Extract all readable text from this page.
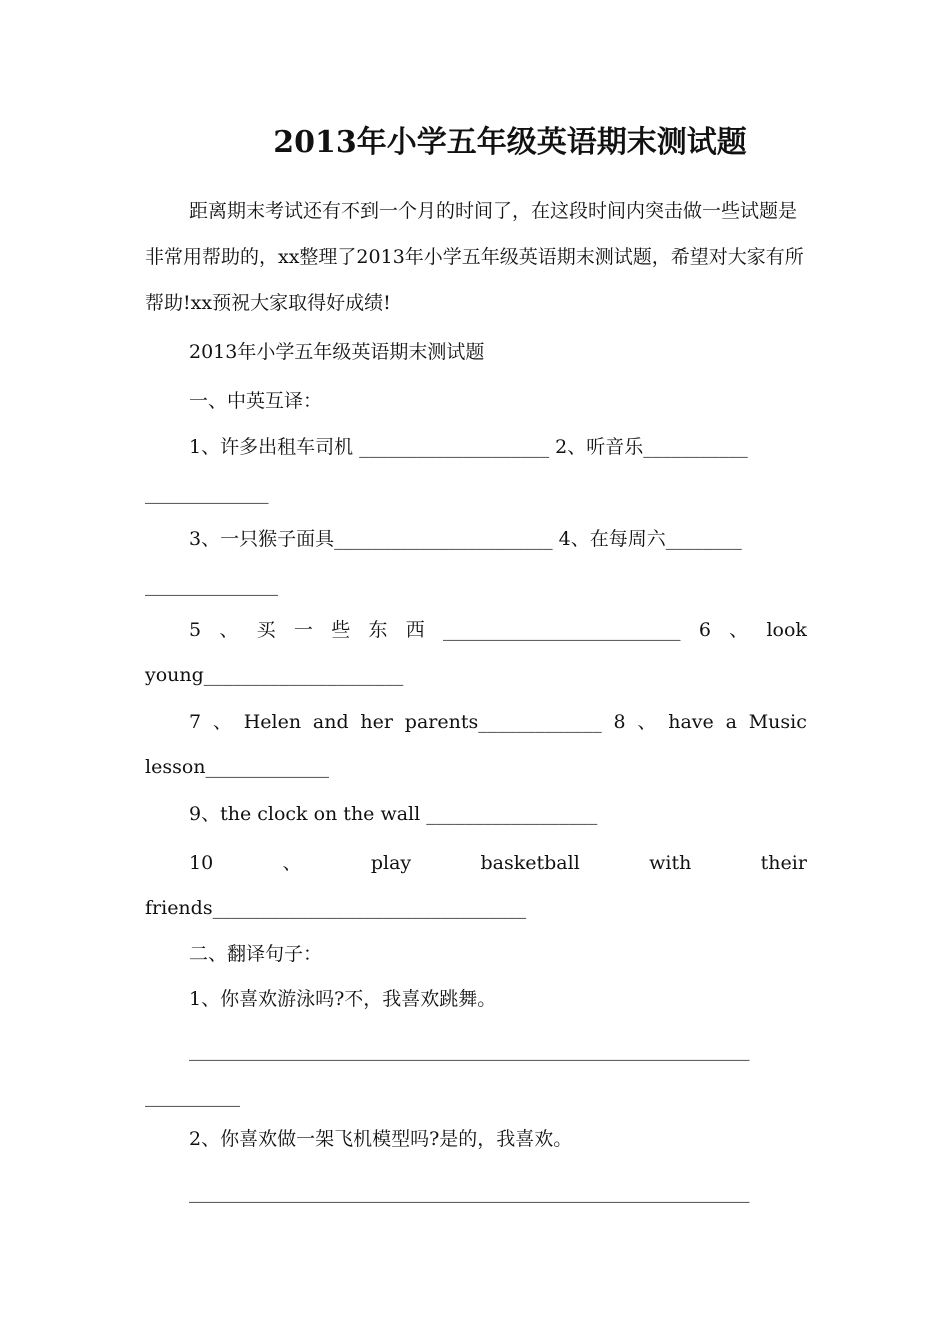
2013年小学五年级英语期末测试题
距离期末考试还有不到一个月的时间了，在这段时间内突击做一些试题是非常用帮助的，xx整理了2013年小学五年级英语期末测试题，希望对大家有所帮助!xx预祝大家取得好成绩!
2013年小学五年级英语期末测试题
一、中英互译：
1、许多出租车司机 ____________________ 2、听音乐___________
_____________
3、一只猴子面具_______________________ 4、在每周六________
______________
5 、 买 一 些 东 西 _________________________ 6 、 look
young_____________________
7 、 Helen and her parents_____________ 8 、 have a Music
lesson_____________
9、the clock on the wall __________________
10	、	play	basketball	with	their
friends_________________________________
二、翻译句子：
1、你喜欢游泳吗?不，我喜欢跳舞。
___________________________________________________________
__________
2、你喜欢做一架飞机模型吗?是的，我喜欢。
___________________________________________________________
